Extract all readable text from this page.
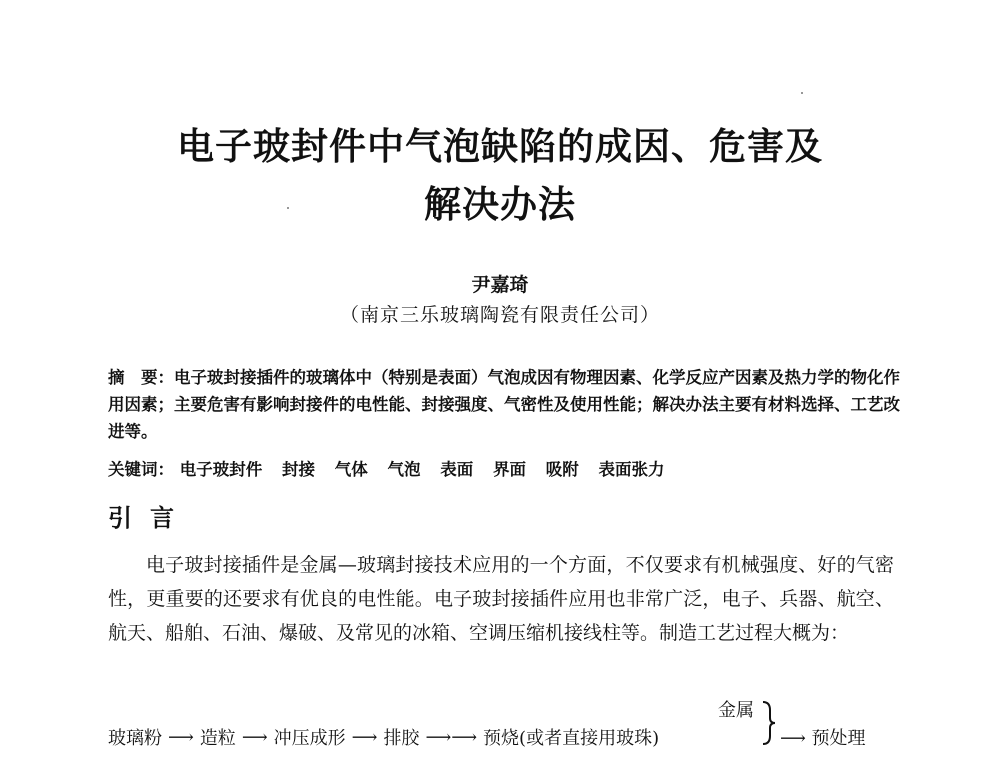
电子玻封件中气泡缺陷的成因、危害及
解决办法
尹嘉琦
（南京三乐玻璃陶瓷有限责任公司）
摘　要：电子玻封接插件的玻璃体中（特别是表面）气泡成因有物理因素、化学反应产因素及热力学的物化作用因素；主要危害有影响封接件的电性能、封接强度、气密性及使用性能；解决办法主要有材料选择、工艺改进等。
关键词： 电子玻封件 封接 气体 气泡 表面 界面 吸附 表面张力
引言
电子玻封接插件是金属—玻璃封接技术应用的一个方面，不仅要求有机械强度、好的气密性，更重要的还要求有优良的电性能。电子玻封接插件应用也非常广泛，电子、兵器、航空、航天、船舶、石油、爆破、及常见的冰箱、空调压缩机接线柱等。制造工艺过程大概为：
金属
玻璃粉 ⟶ 造粒 ⟶ 冲压成形 ⟶ 排胶 ⟶⟶ 预烧(或者直接用玻珠)	⟶ 预处理
